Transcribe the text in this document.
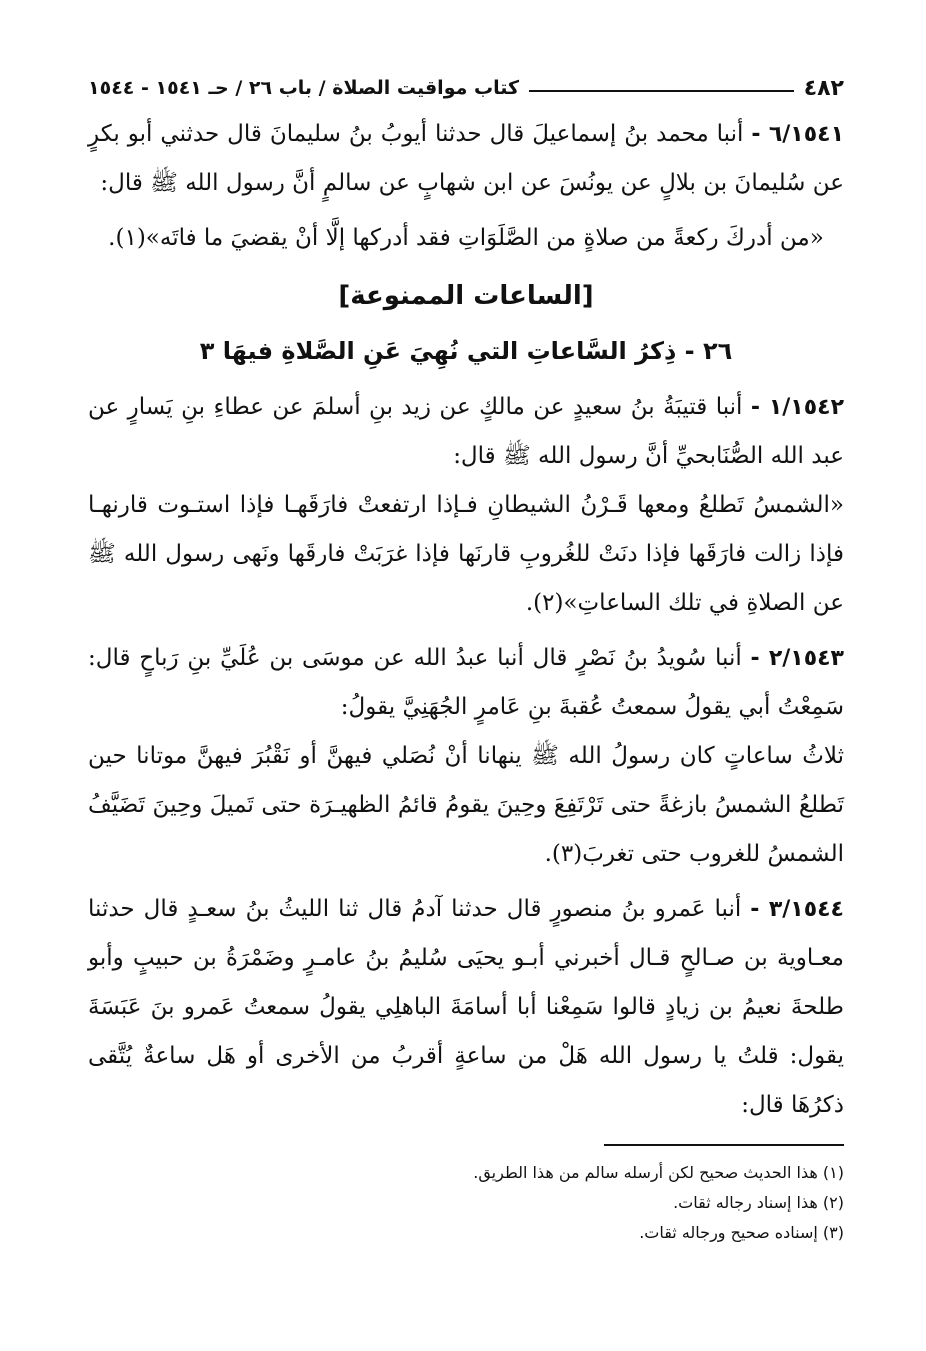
٤٨٢
كتاب مواقيت الصلاة / باب ٢٦ / حـ ١٥٤١ - ١٥٤٤

٦/١٥٤١ - أنبا محمد بنُ إسماعيلَ قال حدثنا أيوبُ بنُ سليمانَ قال حدثني أبو بكرٍ عن سُليمانَ بن بلالٍ عن يونُسَ عن ابن شهابٍ عن سالمٍ أنَّ رسول الله ﷺ قال:

«من أدركَ ركعةً من صلاةٍ من الصَّلَوَاتِ فقد أدركها إلَّا أنْ يقضيَ ما فاتَه»(١).

[الساعات الممنوعة]
٢٦ - ذِكرُ السَّاعاتِ التي نُهِيَ عَنِ الصَّلاةِ فيهَا ٣

١/١٥٤٢ - أنبا قتيبَةُ بنُ سعيدٍ عن مالكٍ عن زيد بنِ أسلمَ عن عطاءِ بنِ يَسارٍ عن عبد الله الصُّنَابحيِّ أنَّ رسول الله ﷺ قال:

«الشمسُ تَطلعُ ومعها قَـرْنُ الشيطانِ فـإذا ارتفعتْ فارَقَهـا فإذا استـوت قارنهـا فإذا زالت فارَقَها فإذا دنَتْ للغُروبِ قارنَها فإذا غرَبَتْ فارقَها ونَهى رسول الله ﷺ عن الصلاةِ في تلك الساعاتِ»(٢).

٢/١٥٤٣ - أنبا سُويدُ بنُ نَصْرٍ قال أنبا عبدُ الله عن موسَى بن عُلَيِّ بنِ رَباحٍ قال: سَمِعْتُ أبي يقولُ سمعتُ عُقبةَ بنِ عَامرٍ الجُهَنِيَّ يقولُ:

ثلاثُ ساعاتٍ كان رسولُ الله ﷺ ينهانا أنْ نُصَلي فيهنَّ أو نَقْبُرَ فيهنَّ موتانا حين تَطلعُ الشمسُ بازغةً حتى تَرْتَفِعَ وحِينَ يقومُ قائمُ الظهيـرَة حتى تَميلَ وحِينَ تَضَيَّفُ الشمسُ للغروب حتى تغربَ(٣).

٣/١٥٤٤ - أنبا عَمرو بنُ منصورٍ قال حدثنا آدمُ قال ثنا الليثُ بنُ سعـدٍ قال حدثنا معـاوية بن صـالحٍ قـال أخبرني أبـو يحيَى سُليمُ بنُ عامـرٍ وضَمْرَةُ بن حبيبٍ وأبو طلحةَ نعيمُ بن زيادٍ قالوا سَمِعْنا أبا أسامَةَ الباهلِي يقولُ سمعتُ عَمرو بنَ عَبَسَةَ يقول: قلتُ يا رسول الله هَلْ من ساعةٍ أقربُ من الأخرى أو هَل ساعةٌ يُتَّقى ذكرُهَا قال:

(١) هذا الحديث صحيح لكن أرسله سالم من هذا الطريق.

(٢) هذا إسناد رجاله ثقات.

(٣) إسناده صحيح ورجاله ثقات.
